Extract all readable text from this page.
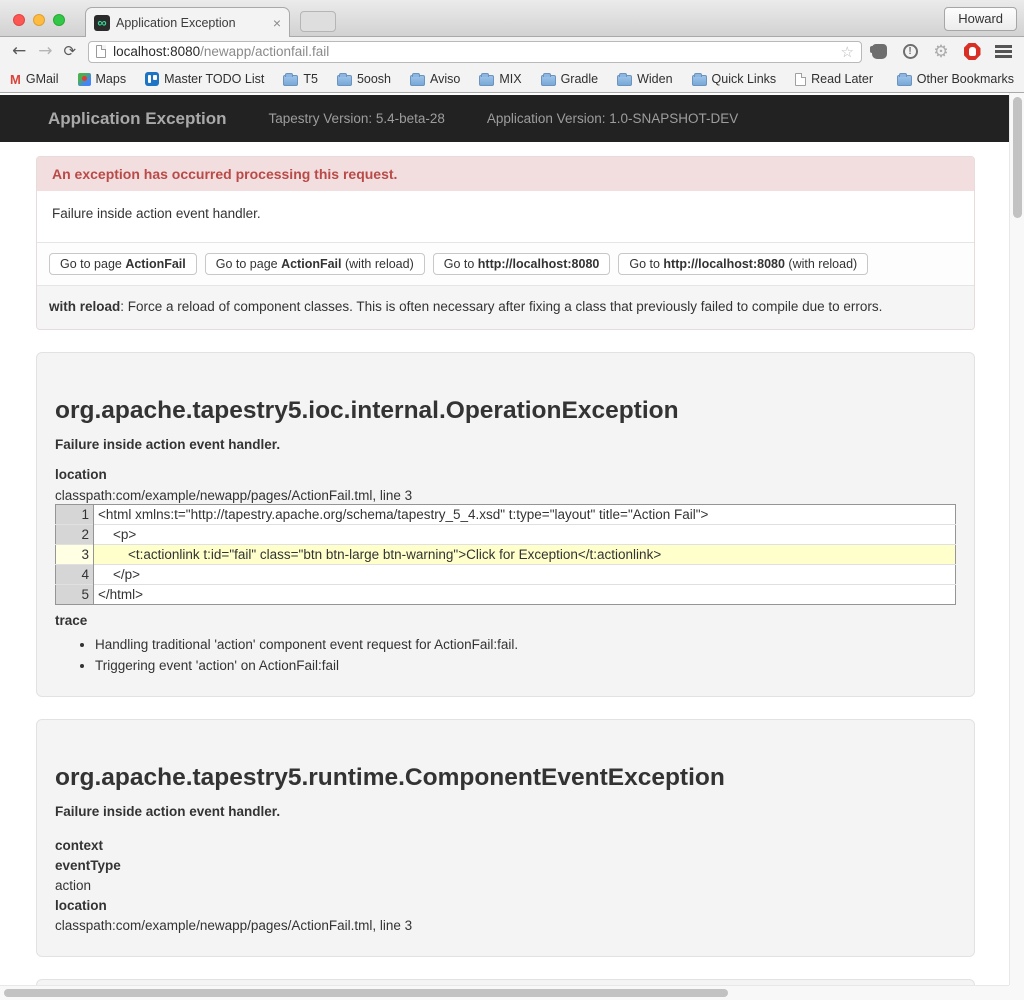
∞ Application Exception	×	Howard
← → ⟳	localhost:8080 /newapp/actionfail.fail	☆	!	⚙
M GMail	Maps	Master TODO List	T5	5oosh	Aviso	MIX	Gradle	Widen	Quick Links	Read Later	Other Bookmarks
Application Exception	Tapestry Version: 5.4-beta-28	Application Version: 1.0-SNAPSHOT-DEV
An exception has occurred processing this request.
Failure inside action event handler.
Go to page ActionFail	Go to page ActionFail (with reload)	Go to http://localhost:8080	Go to http://localhost:8080 (with reload)
with reload: Force a reload of component classes. This is often necessary after fixing a class that previously failed to compile due to errors.
org.apache.tapestry5.ioc.internal.OperationException
Failure inside action event handler.
location
classpath:com/example/newapp/pages/ActionFail.tml, line 3
1	<html xmlns:t="http://tapestry.apache.org/schema/tapestry_5_4.xsd" t:type="layout" title="Action Fail">
2	<p>
3	<t:actionlink t:id="fail" class="btn btn-large btn-warning">Click for Exception</t:actionlink>
4	</p>
5	</html>
trace
• Handling traditional 'action' component event request for ActionFail:fail.
• Triggering event 'action' on ActionFail:fail
org.apache.tapestry5.runtime.ComponentEventException
Failure inside action event handler.
context
eventType
action
location
classpath:com/example/newapp/pages/ActionFail.tml, line 3
